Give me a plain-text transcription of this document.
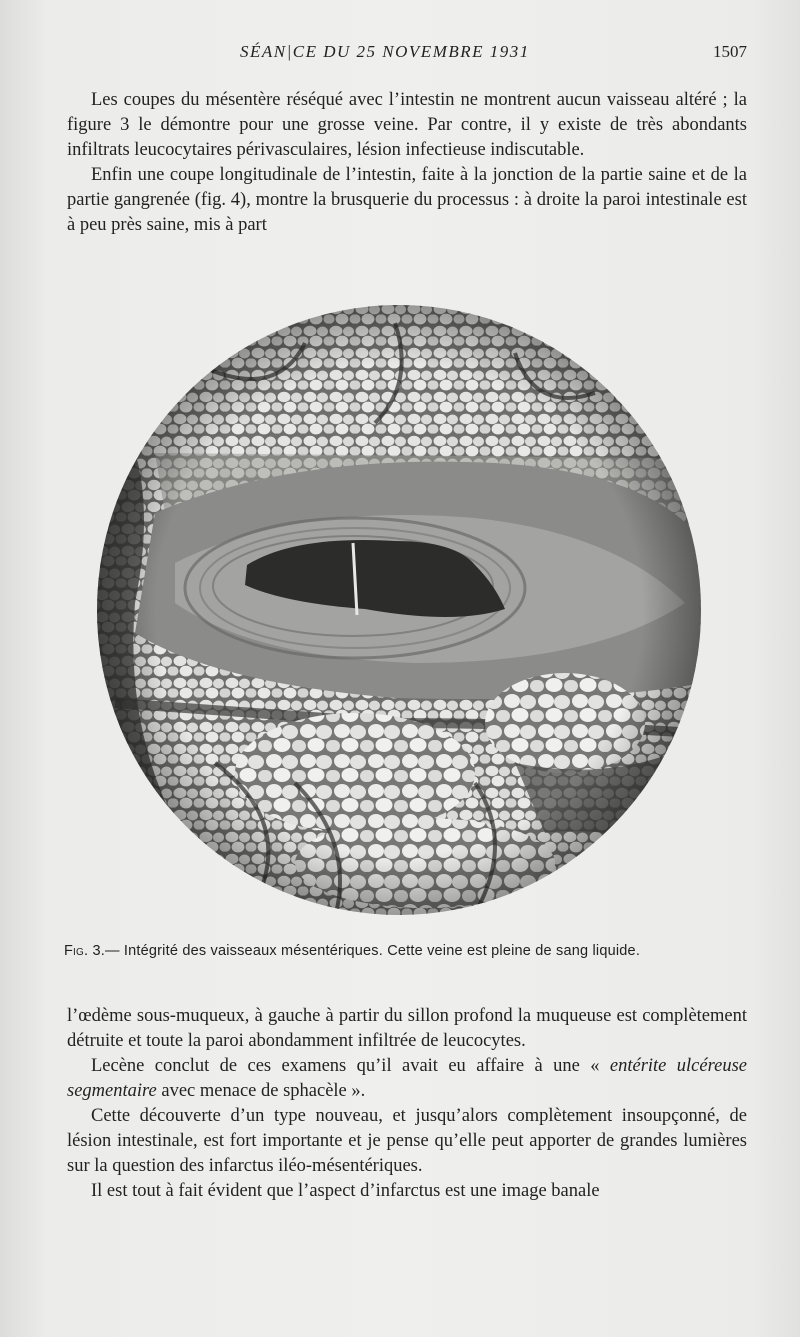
SÉAN|CE DU 25 NOVEMBRE 1931	1507

Les coupes du mésentère réséqué avec l’intestin ne montrent aucun vaisseau altéré ; la figure 3 le démontre pour une grosse veine. Par contre, il y existe de très abondants infiltrats leucocytaires périvasculaires, lésion infectieuse indiscutable.

Enfin une coupe longitudinale de l’intestin, faite à la jonction de la partie saine et de la partie gangrenée (fig. 4), montre la brusquerie du processus : à droite la paroi intestinale est à peu près saine, mis à part

Fig. 3.— Intégrité des vaisseaux mésentériques. Cette veine est pleine de sang liquide.

l’œdème sous-muqueux, à gauche à partir du sillon profond la muqueuse est complètement détruite et toute la paroi abondamment infiltrée de leucocytes.

Lecène conclut de ces examens qu’il avait eu affaire à une « entérite ulcéreuse segmentaire avec menace de sphacèle ».

Cette découverte d’un type nouveau, et jusqu’alors complètement insoupçonné, de lésion intestinale, est fort importante et je pense qu’elle peut apporter de grandes lumières sur la question des infarctus iléo-mésentériques.

Il est tout à fait évident que l’aspect d’infarctus est une image banale
